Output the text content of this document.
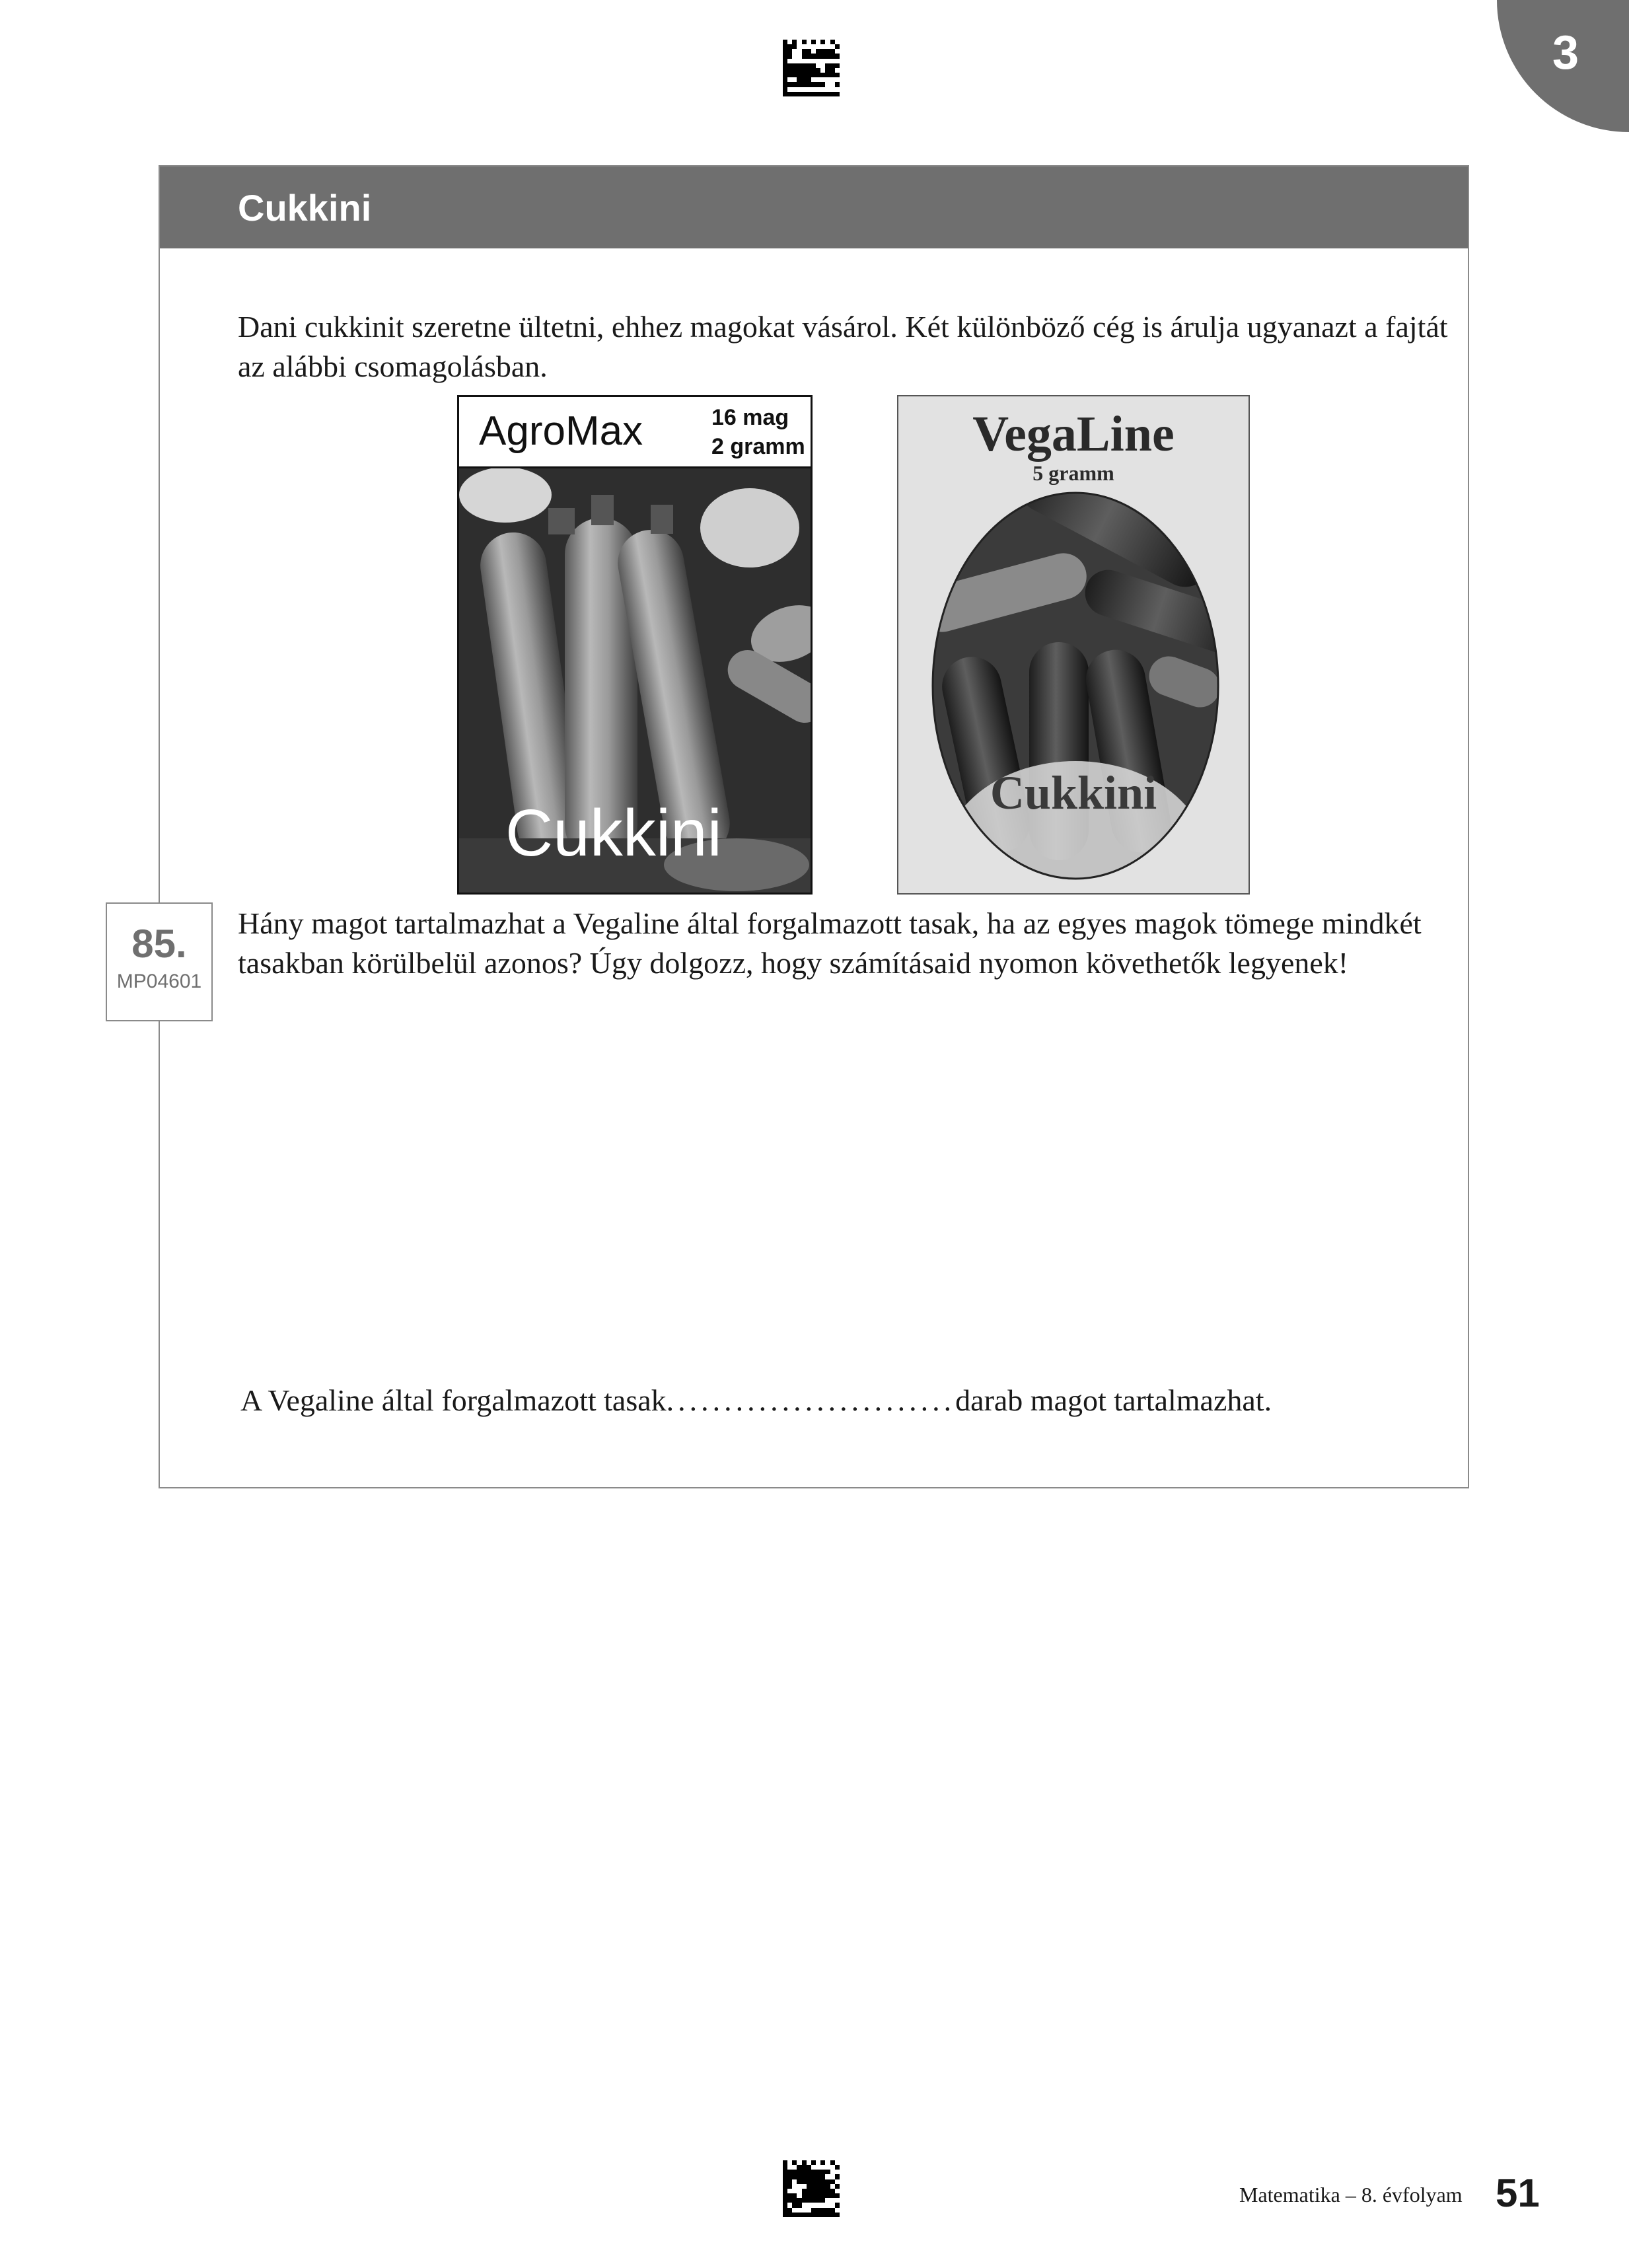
3
Cukkini
Dani cukkinit szeretne ültetni, ehhez magokat vásárol. Két különböző cég is árulja ugyanazt a fajtát az alábbi csomagolásban.
AgroMax	16 mag
2 gramm
Cukkini
VegaLine
5 gramm
Cukkini
85.
MP04601
Hány magot tartalmazhat a Vegaline által forgalmazott tasak, ha az egyes magok tömege mindkét tasakban körülbelül azonos? Úgy dolgozz, hogy számításaid nyomon követhetők legyenek!
A Vegaline által forgalmazott tasak.........................darab magot tartalmazhat.
Matematika – 8. évfolyam 51
